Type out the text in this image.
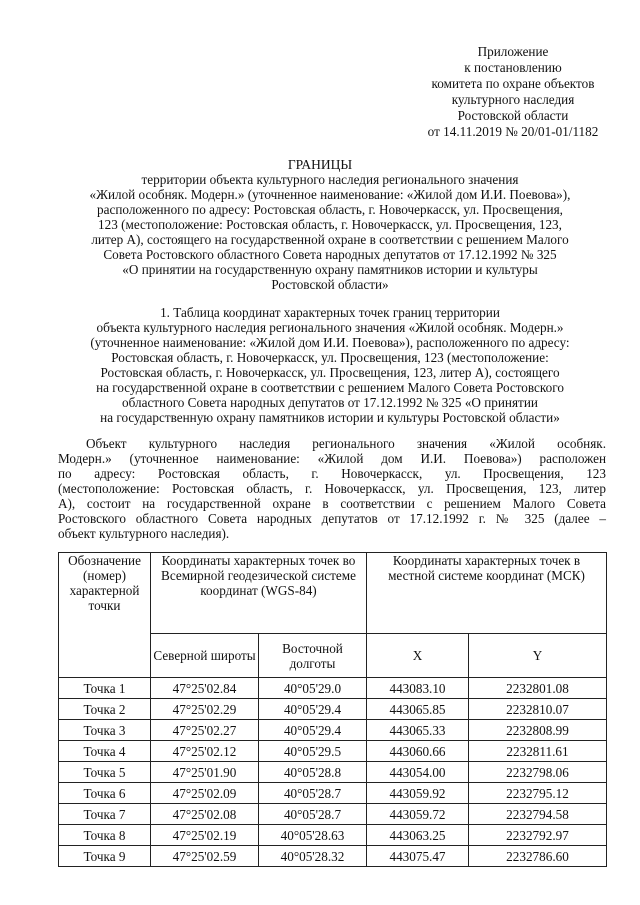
Приложение
к постановлению
комитета по охране объектов
культурного наследия
Ростовской области
от 14.11.2019 № 20/01-01/1182
ГРАНИЦЫ
территории объекта культурного наследия регионального значения
«Жилой особняк. Модерн.» (уточненное наименование: «Жилой дом И.И. Поевова»),
расположенного по адресу: Ростовская область, г. Новочеркасск, ул. Просвещения,
123 (местоположение: Ростовская область, г. Новочеркасск, ул. Просвещения, 123,
литер А), состоящего на государственной охране в соответствии с решением Малого
Совета Ростовского областного Совета народных депутатов от 17.12.1992 № 325
«О принятии на государственную охрану памятников истории и культуры
Ростовской области»
1. Таблица координат характерных точек границ территории
объекта культурного наследия регионального значения «Жилой особняк. Модерн.»
(уточненное наименование: «Жилой дом И.И. Поевова»), расположенного по адресу:
Ростовская область, г. Новочеркасск, ул. Просвещения, 123 (местоположение:
Ростовская область, г. Новочеркасск, ул. Просвещения, 123, литер А), состоящего
на государственной охране в соответствии с решением Малого Совета Ростовского
областного Совета народных депутатов от 17.12.1992 № 325 «О принятии
на государственную охрану памятников истории и культуры Ростовской области»
Объект культурного наследия регионального значения «Жилой особняк.
Модерн.» (уточненное наименование: «Жилой дом И.И. Поевова») расположен
по адресу: Ростовская область, г. Новочеркасск, ул. Просвещения, 123
(местоположение: Ростовская область, г. Новочеркасск, ул. Просвещения, 123, литер
А), состоит на государственной охране в соответствии с решением Малого Совета
Ростовского областного Совета народных депутатов от 17.12.1992 г. № 325 (далее –
объект культурного наследия).
Обозначение (номер) характерной точки	Координаты характерных точек во Всемирной геодезической системе координат (WGS-84)		Координаты характерных точек в местной системе координат (МСК)	
	Северной широты	Восточной долготы	X	Y
Точка 1	47°25'02.84	40°05'29.0	443083.10	2232801.08
Точка 2	47°25'02.29	40°05'29.4	443065.85	2232810.07
Точка 3	47°25'02.27	40°05'29.4	443065.33	2232808.99
Точка 4	47°25'02.12	40°05'29.5	443060.66	2232811.61
Точка 5	47°25'01.90	40°05'28.8	443054.00	2232798.06
Точка 6	47°25'02.09	40°05'28.7	443059.92	2232795.12
Точка 7	47°25'02.08	40°05'28.7	443059.72	2232794.58
Точка 8	47°25'02.19	40°05'28.63	443063.25	2232792.97
Точка 9	47°25'02.59	40°05'28.32	443075.47	2232786.60
